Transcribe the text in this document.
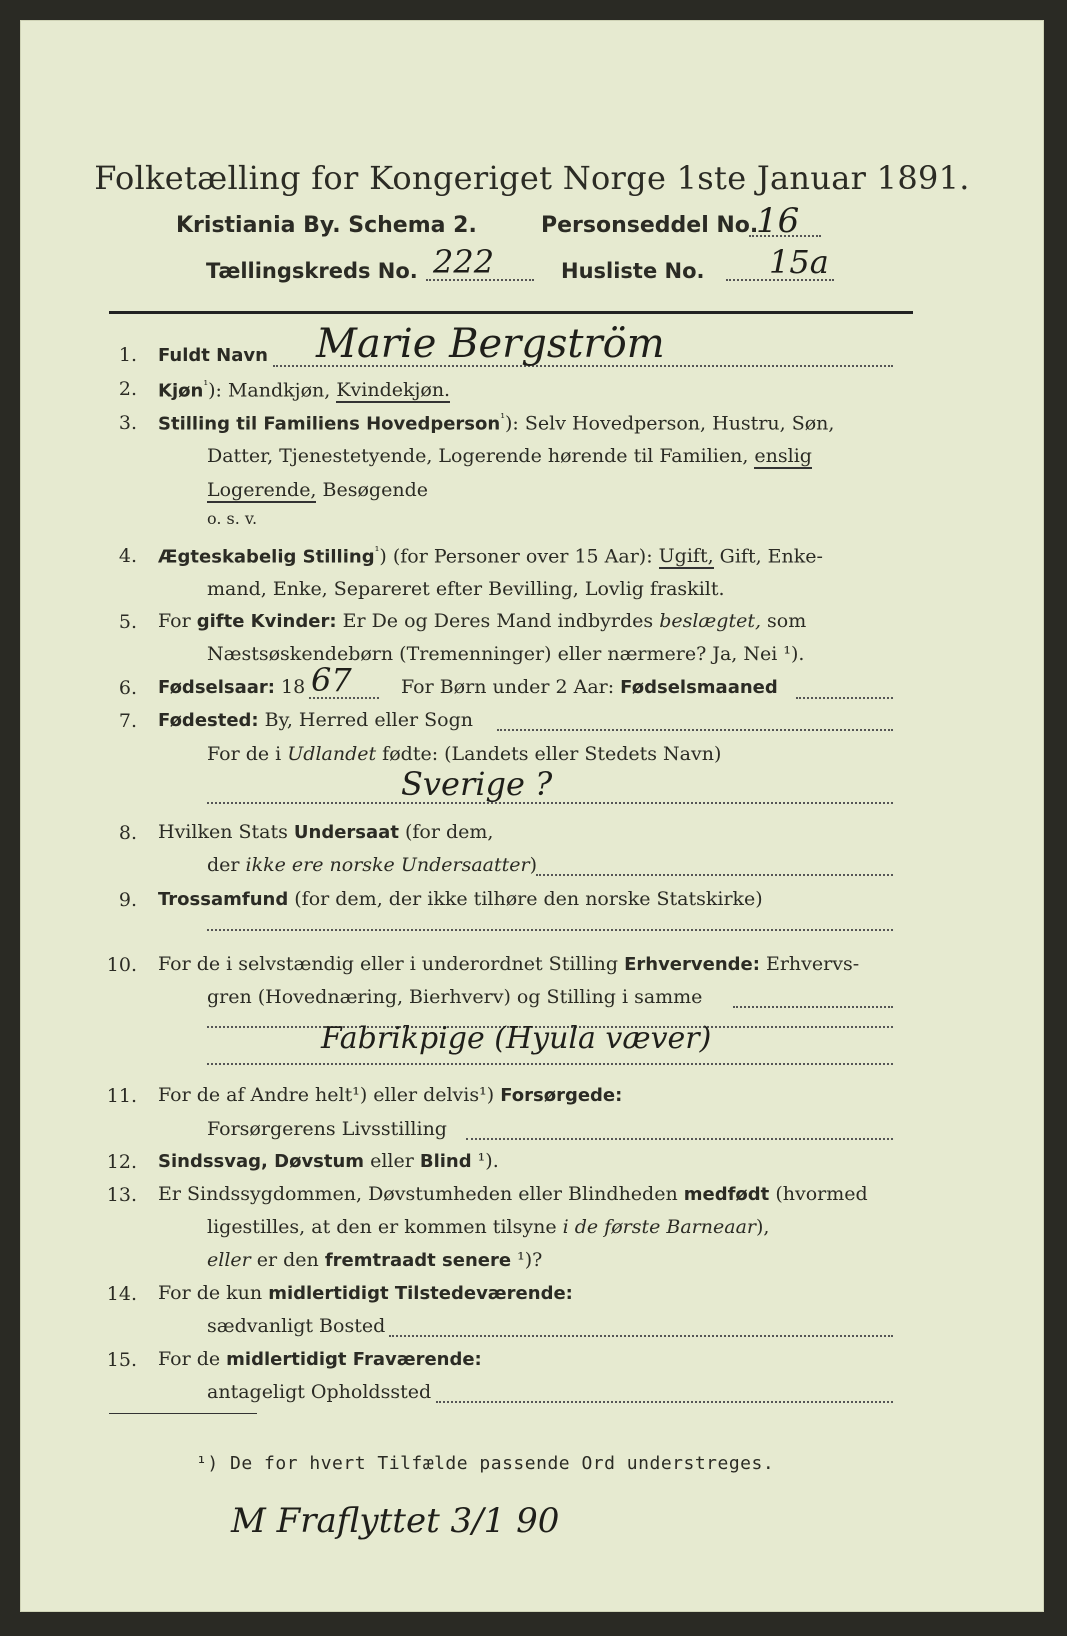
Folketælling for Kongeriget Norge 1ste Januar 1891.
Kristiania By. Schema 2.	Personseddel No.
16
Tællingskreds No. 222	Husliste No. 15a
1. Fuldt Navn Marie Bergström
2. Kjøn$^{^1}$): Mandkjøn, Kvindekjøn.
3. Stilling til Familiens Hovedperson$^{^1}$): Selv Hovedperson, Hustru, Søn,
Datter, Tjenestetyende, Logerende hørende til Familien, enslig
Logerende, Besøgende
o. s. v.
4. Ægteskabelig Stilling$^{^1}$) (for Personer over 15 Aar): Ugift, Gift, Enke-
mand, Enke, Separeret efter Bevilling, Lovlig fraskilt.
5. For gifte Kvinder: Er De og Deres Mand indbyrdes beslægtet, som
Næstsøskendebørn (Tremenninger) eller nærmere? Ja, Nei ¹).
6. Fødselsaar: 18 67	For Børn under 2 Aar: Fødselsmaaned
7. Fødested: By, Herred eller Sogn
For de i Udlandet fødte: (Landets eller Stedets Navn)
Sverige ?
8. Hvilken Stats Undersaat (for dem,
der ikke ere norske Undersaatter)
9. Trossamfund (for dem, der ikke tilhøre den norske Statskirke)
10. For de i selvstændig eller i underordnet Stilling Erhvervende: Erhvervs-
gren (Hovednæring, Bierhverv) og Stilling i samme
Fabrikpige (Hyula væver)
11. For de af Andre helt¹) eller delvis¹) Forsørgede:
Forsørgerens Livsstilling
12. Sindssvag, Døvstum eller Blind ¹).
13. Er Sindssygdommen, Døvstumheden eller Blindheden medfødt (hvormed
ligestilles, at den er kommen tilsyne i de første Barneaar),
eller er den fremtraadt senere ¹)?
14. For de kun midlertidigt Tilstedeværende:
sædvanligt Bosted
15. For de midlertidigt Fraværende:
antageligt Opholdssted
¹) De for hvert Tilfælde passende Ord understreges.
M Fraflyttet 3/1 90
